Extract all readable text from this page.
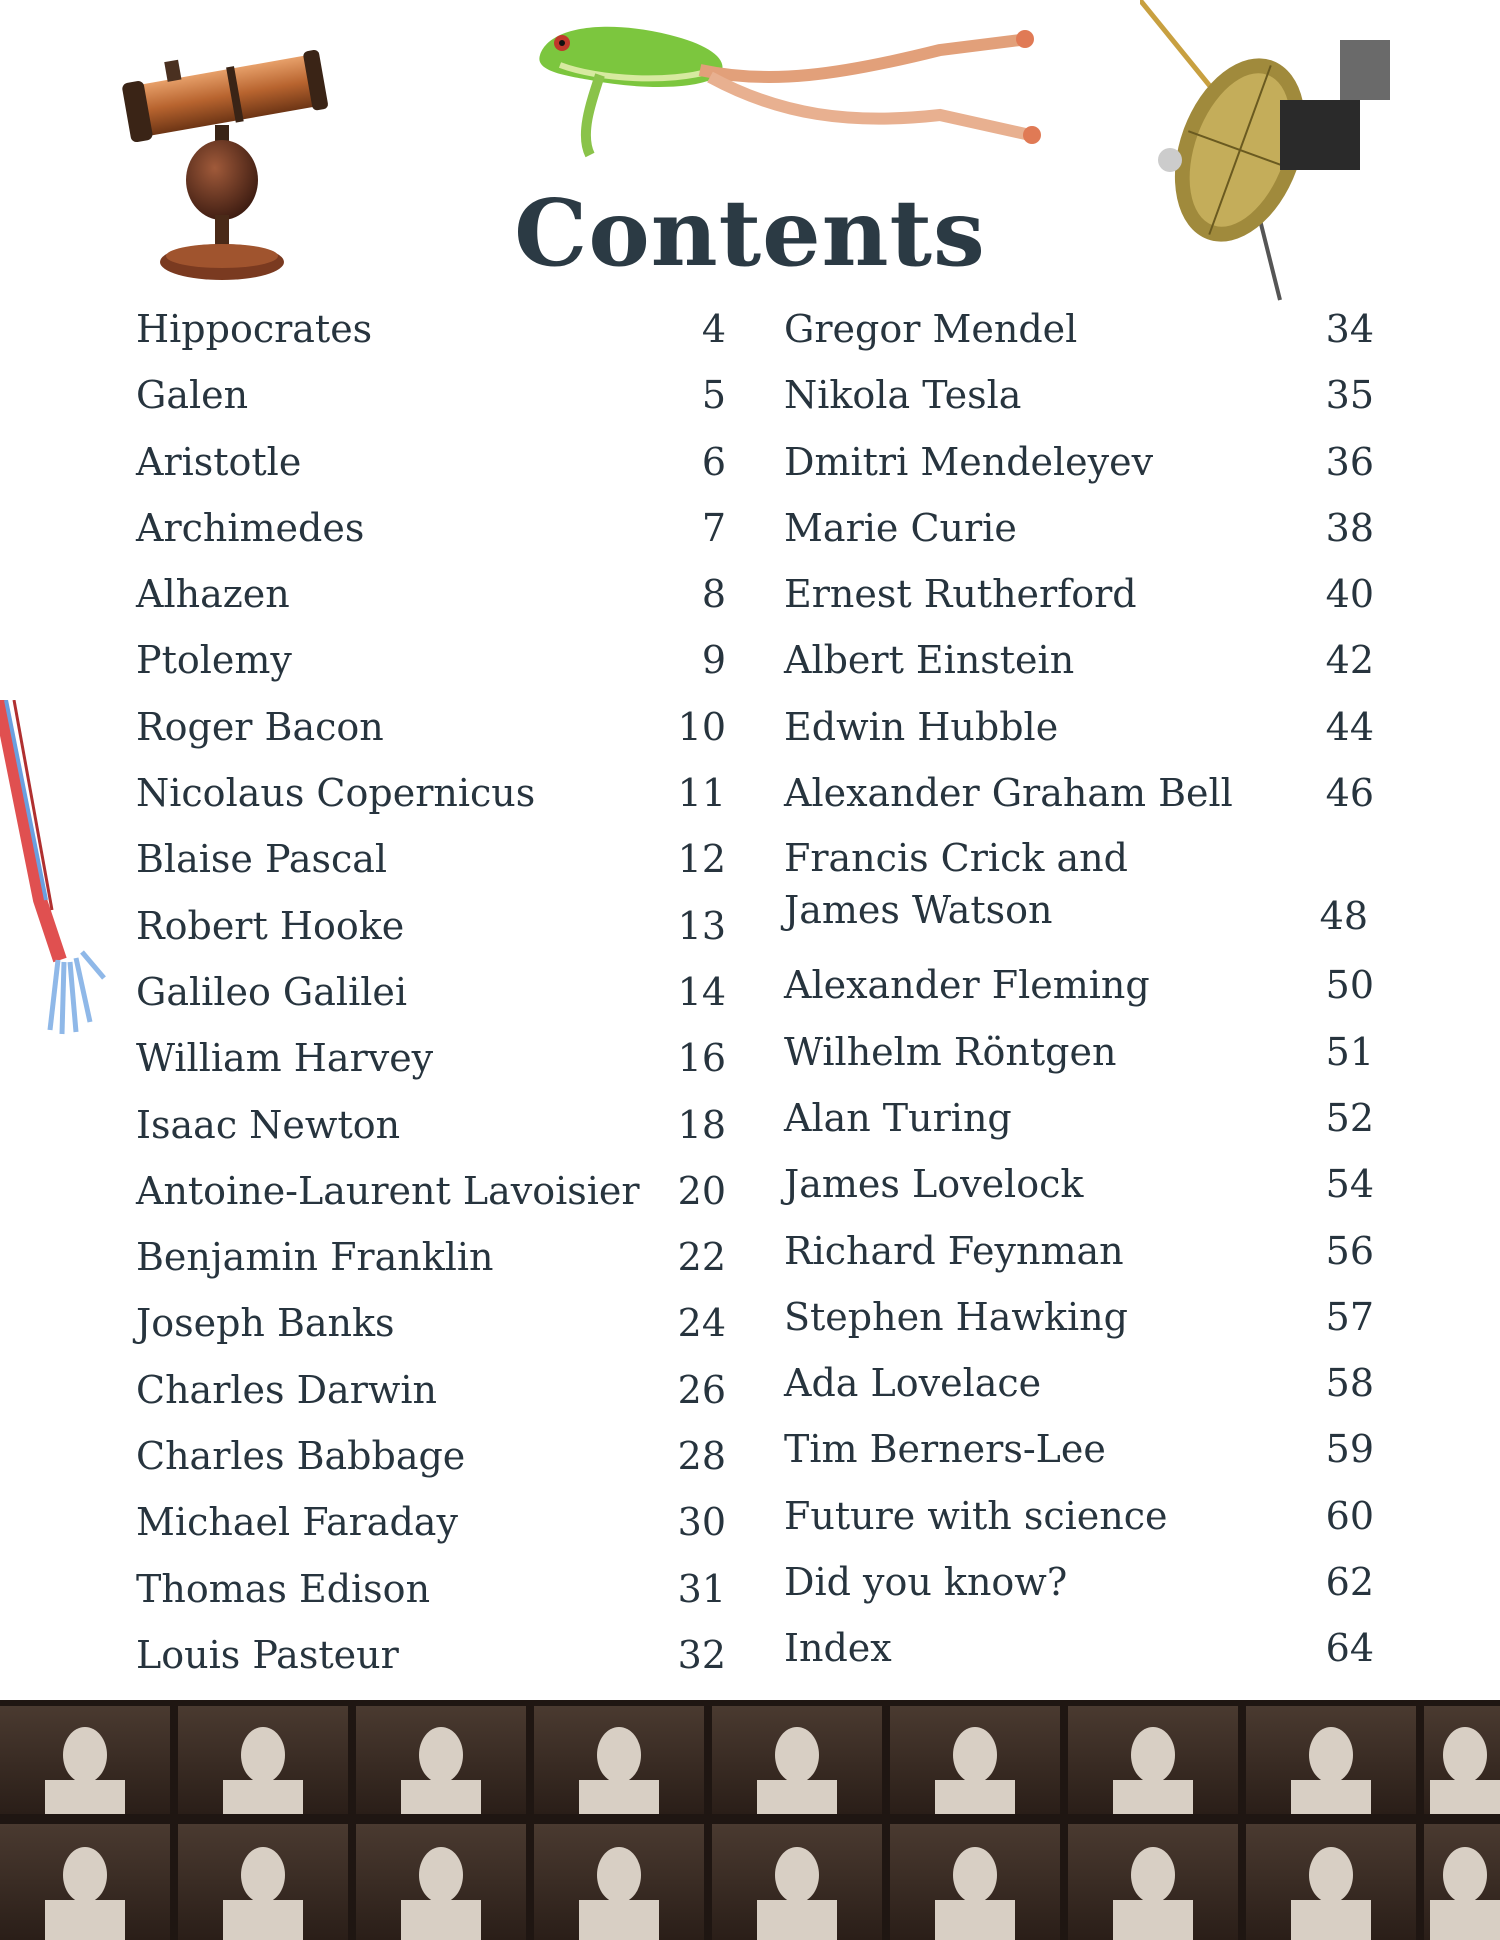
Contents
Hippocrates	4
Galen	5
Aristotle	6
Archimedes	7
Alhazen	8
Ptolemy	9
Roger Bacon	10
Nicolaus Copernicus	11
Blaise Pascal	12
Robert Hooke	13
Galileo Galilei	14
William Harvey	16
Isaac Newton	18
Antoine-Laurent Lavoisier 20
Benjamin Franklin	22
Joseph Banks	24
Charles Darwin	26
Charles Babbage	28
Michael Faraday	30
Thomas Edison	31
Louis Pasteur	32
Gregor Mendel	34
Nikola Tesla	35
Dmitri Mendeleyev	36
Marie Curie	38
Ernest Rutherford	40
Albert Einstein	42
Edwin Hubble	44
Alexander Graham Bell 46
Francis Crick and
James Watson	48
Alexander Fleming	50
Wilhelm Röntgen	51
Alan Turing	52
James Lovelock	54
Richard Feynman	56
Stephen Hawking	57
Ada Lovelace	58
Tim Berners-Lee	59
Future with science	60
Did you know?	62
Index	64
